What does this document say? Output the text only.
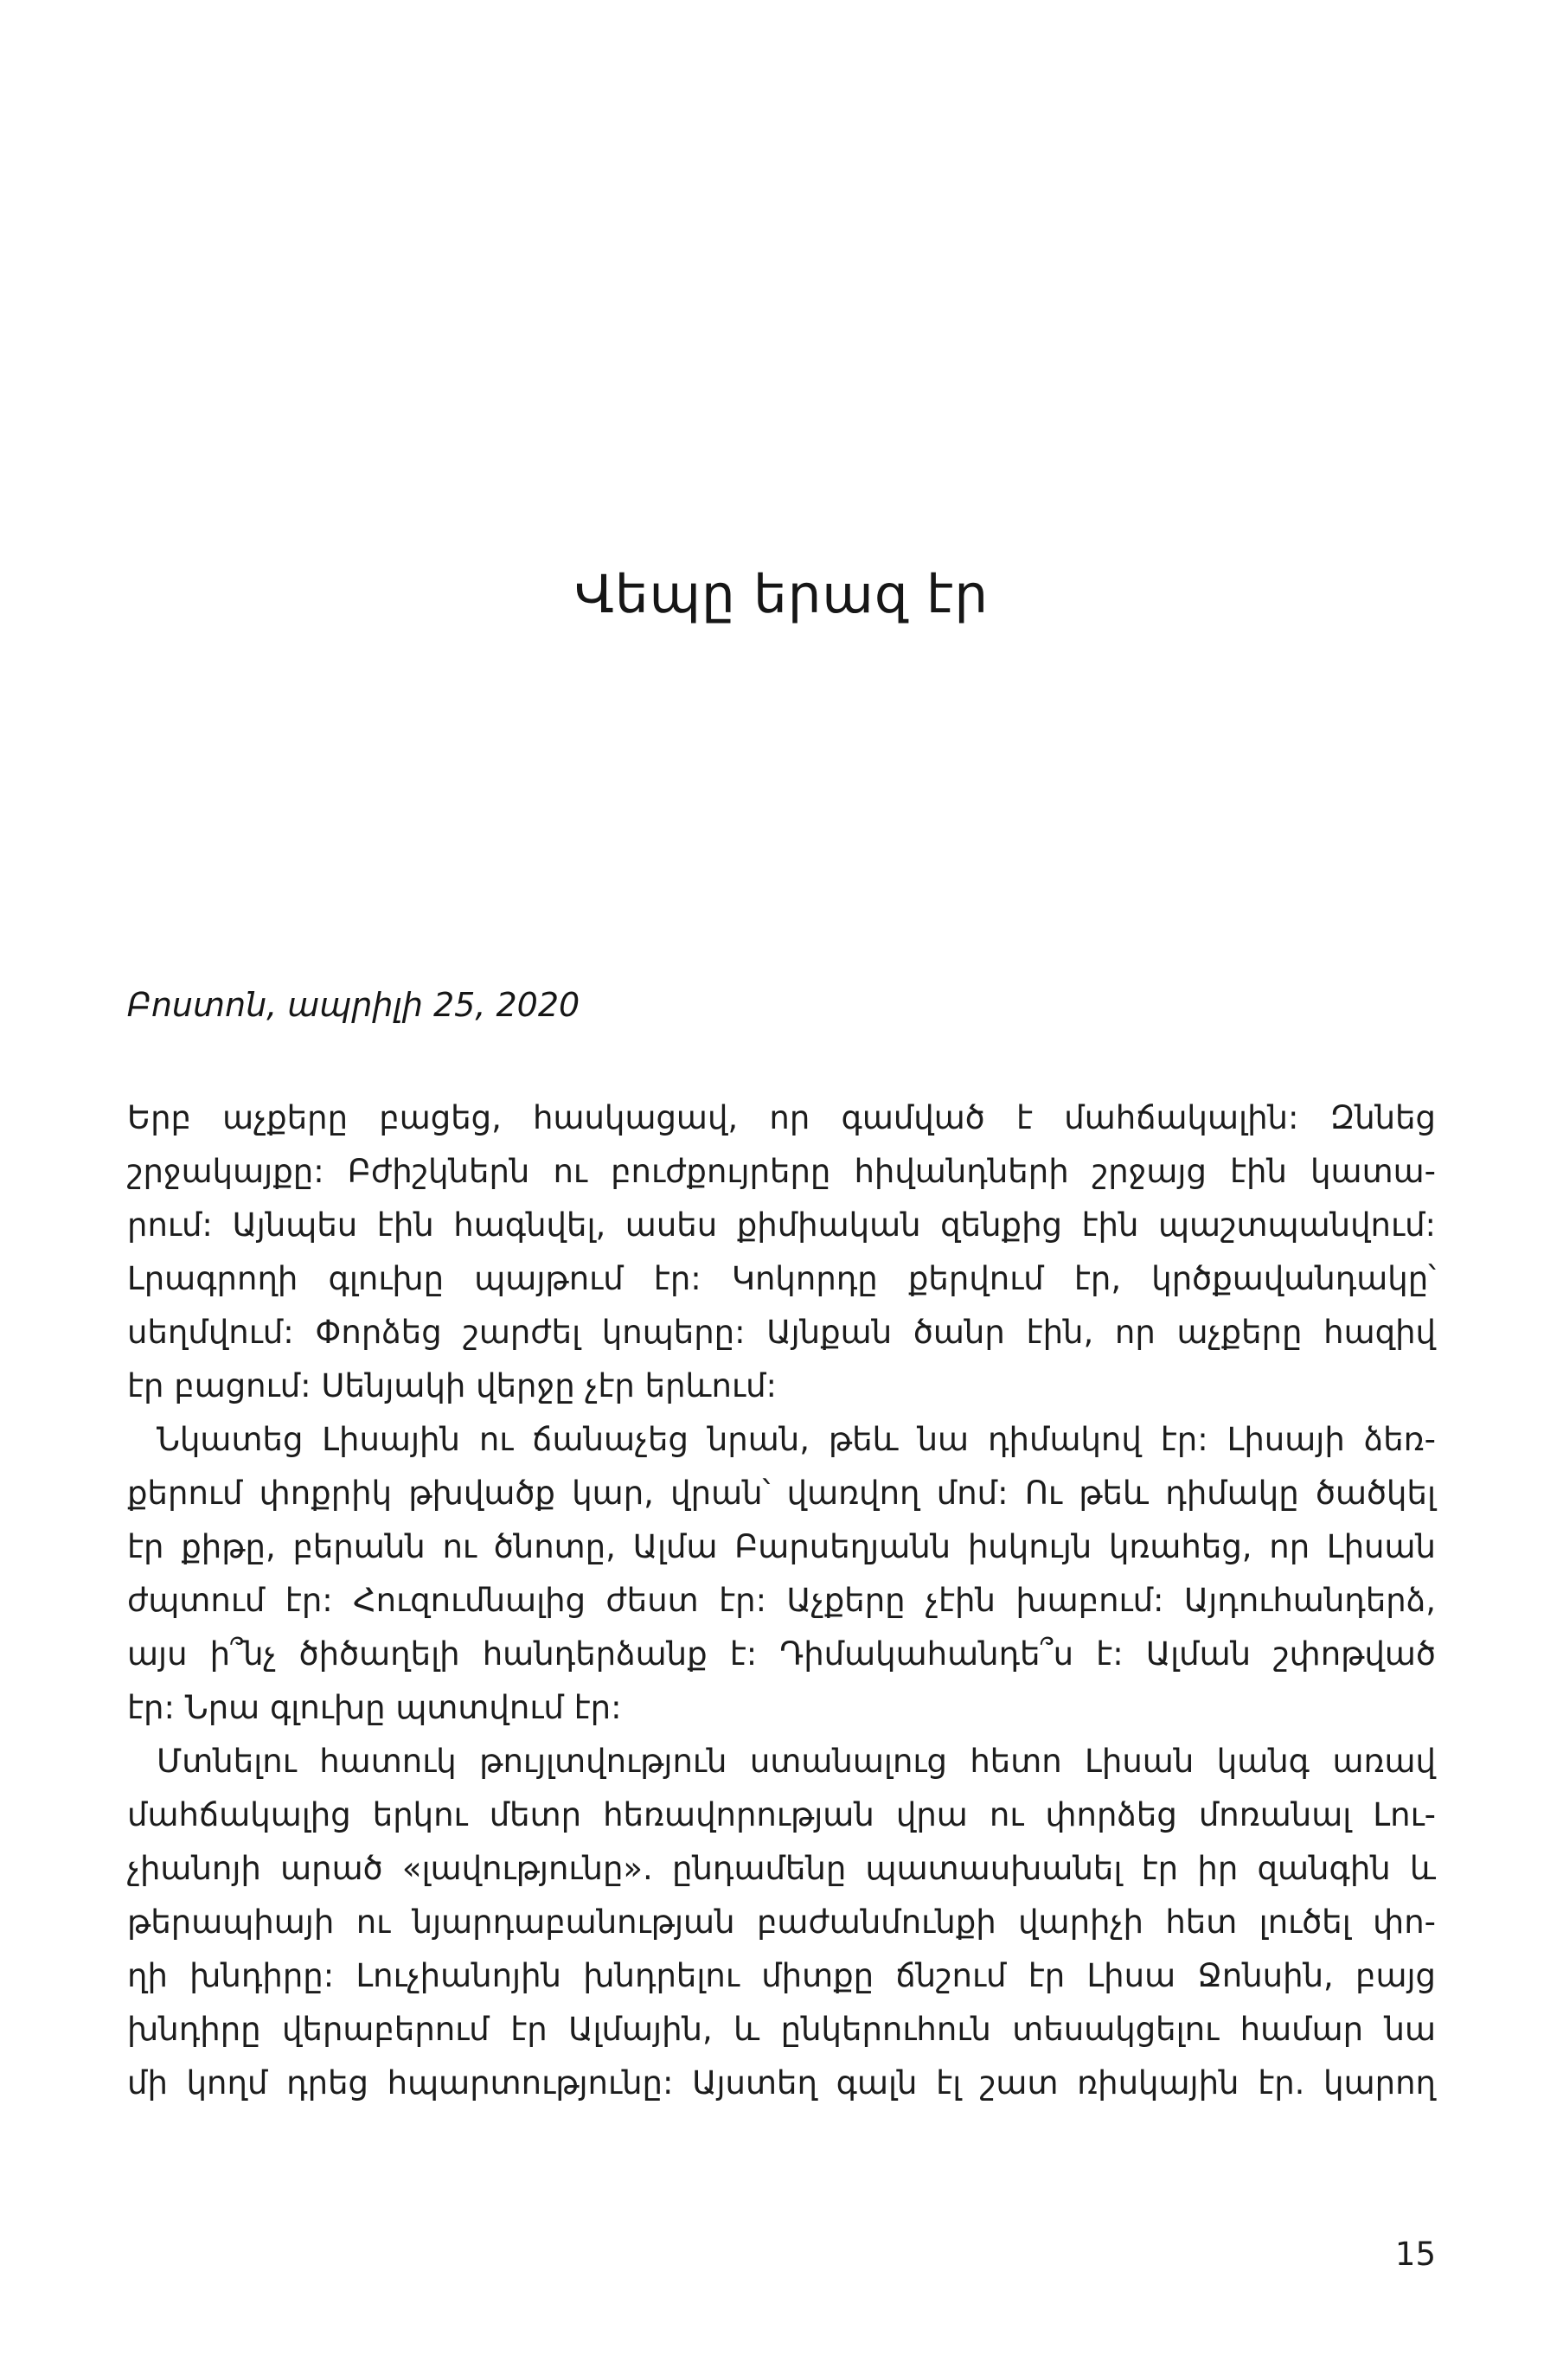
Վեպը երազ էր
Բոստոն, ապրիլի 25, 2020
Երբ աչքերը բացեց, հասկացավ, որ գամված է մահճակալին: Զննեց
շրջակայքը: Բժիշկներն ու բուժքույրերը հիվանդների շրջայց էին կատա-
րում: Այնպես էին հագնվել, ասես քիմիական զենքից էին պաշտպանվում:
Լրագրողի գլուխը պայթում էր: Կոկորդը քերվում էր, կրծքավանդակը՝
սեղմվում: Փորձեց շարժել կոպերը: Այնքան ծանր էին, որ աչքերը հազիվ
էր բացում: Սենյակի վերջը չէր երևում:
Նկատեց Լիսային ու ճանաչեց նրան, թեև նա դիմակով էր: Լիսայի ձեռ-
քերում փոքրիկ թխվածք կար, վրան՝ վառվող մոմ: Ու թեև դիմակը ծածկել
էր քիթը, բերանն ու ծնոտը, Ալմա Բարսեղյանն իսկույն կռահեց, որ Լիսան
ժպտում էր: Հուզումնալից ժեստ էր: Աչքերը չէին խաբում: Այդուհանդերձ,
այս ի՞նչ ծիծաղելի հանդերձանք է: Դիմակահանդե՞ս է: Ալման շփոթված
էր: Նրա գլուխը պտտվում էր:
Մտնելու հատուկ թույլտվություն ստանալուց հետո Լիսան կանգ առավ
մահճակալից երկու մետր հեռավորության վրա ու փորձեց մոռանալ Լու-
չիանոյի արած «լավությունը». ընդամենը պատասխանել էր իր զանգին և
թերապիայի ու նյարդաբանության բաժանմունքի վարիչի հետ լուծել փո-
ղի խնդիրը: Լուչիանոյին խնդրելու միտքը ճնշում էր Լիսա Ջոնսին, բայց
խնդիրը վերաբերում էր Ալմային, և ընկերուհուն տեսակցելու համար նա
մի կողմ դրեց հպարտությունը: Այստեղ գալն էլ շատ ռիսկային էր. կարող
15
